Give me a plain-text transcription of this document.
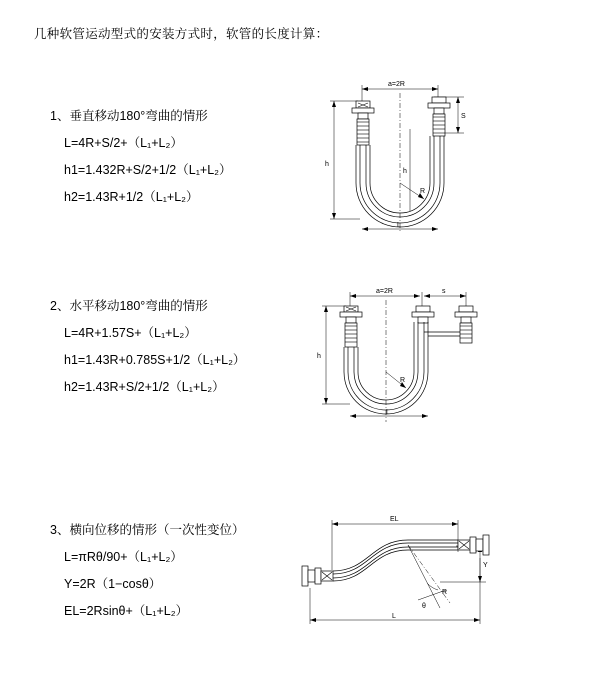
几种软管运动型式的安装方式时，软管的长度计算：
1、垂直移动180°弯曲的情形
L=4R+S/2+（L₁+L₂）
h1=1.432R+S/2+1/2（L₁+L₂）
h2=1.43R+1/2（L₁+L₂）
a=2R
S
h
h
R
L
2、水平移动180°弯曲的情形
L=4R+1.57S+（L₁+L₂）
h1=1.43R+0.785S+1/2（L₁+L₂）
h2=1.43R+S/2+1/2（L₁+L₂）
a=2R	s
h
R
L
3、横向位移的情形（一次性变位）
L=πRθ/90+（L₁+L₂）
Y=2R（1−cosθ）
EL=2Rsinθ+（L₁+L₂）
EL
Y
θ
R
L
